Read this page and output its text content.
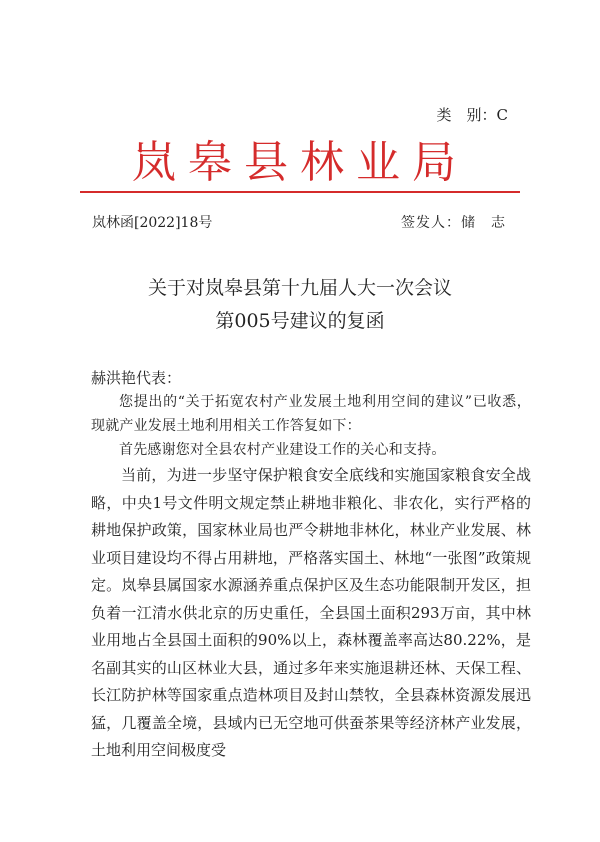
类　别：C
岚皋县林业局
岚林函[2022]18号	签发人：储　志
关于对岚皋县第十九届人大一次会议
第005号建议的复函

赫洪艳代表：

您提出的“关于拓宽农村产业发展土地利用空间的建议”已收悉，现就产业发展土地利用相关工作答复如下：

首先感谢您对全县农村产业建设工作的关心和支持。

当前，为进一步坚守保护粮食安全底线和实施国家粮食安全战略，中央1号文件明文规定禁止耕地非粮化、非农化，实行严格的耕地保护政策，国家林业局也严令耕地非林化，林业产业发展、林业项目建设均不得占用耕地，严格落实国土、林地“一张图”政策规定。岚皋县属国家水源涵养重点保护区及生态功能限制开发区，担负着一江清水供北京的历史重任，全县国土面积293万亩，其中林业用地占全县国土面积的90%以上，森林覆盖率高达80.22%，是名副其实的山区林业大县，通过多年来实施退耕还林、天保工程、长江防护林等国家重点造林项目及封山禁牧，全县森林资源发展迅猛，几覆盖全境，县域内已无空地可供蚕茶果等经济林产业发展，土地利用空间极度受
